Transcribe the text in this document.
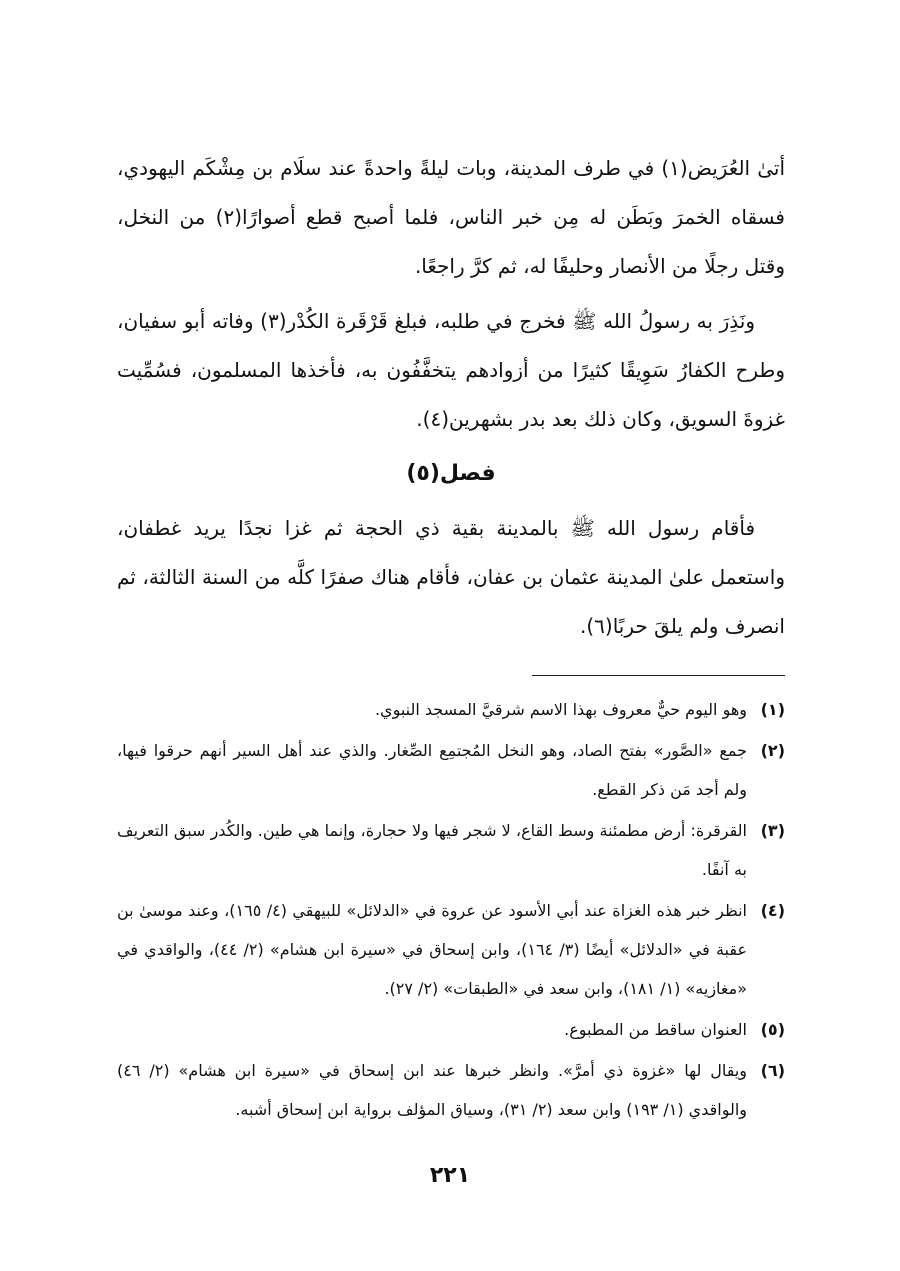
أتىٰ العُرَيض(١) في طرف المدينة، وبات ليلةً واحدةً عند سلَام بن مِشْكَم اليهودي، فسقاه الخمرَ وبَطَن له مِن خبر الناس، فلما أصبح قطع أصوارًا(٢) من النخل، وقتل رجلًا من الأنصار وحليفًا له، ثم كرَّ راجعًا.

ونَذِرَ به رسولُ الله ﷺ فخرج في طلبه، فبلغ قَرْقَرة الكُدْر(٣) وفاته أبو سفيان، وطرح الكفارُ سَوِيقًا كثيرًا من أزوادهم يتخفَّفُون به، فأخذها المسلمون، فسُمِّيت غزوةَ السويق، وكان ذلك بعد بدر بشهرين(٤).

فصل(٥)

فأقام رسول الله ﷺ بالمدينة بقية ذي الحجة ثم غزا نجدًا يريد غطفان، واستعمل علىٰ المدينة عثمان بن عفان، فأقام هناك صفرًا كلَّه من السنة الثالثة، ثم انصرف ولم يلقَ حربًا(٦).

(١)
وهو اليوم حيٌّ معروف بهذا الاسم شرقيَّ المسجد النبوي.
(٢)
جمع «الصَّور» بفتح الصاد، وهو النخل المُجتمِع الصِّغار. والذي عند أهل السير أنهم حرقوا فيها، ولم أجد مَن ذكر القطع.
(٣)
القرقرة: أرض مطمئنة وسط القاع، لا شجر فيها ولا حجارة، وإنما هي طين. والكُدر سبق التعريف به آنفًا.
(٤)
انظر خبر هذه الغزاة عند أبي الأسود عن عروة في «الدلائل» للبيهقي (٤/ ١٦٥)، وعند موسىٰ بن عقبة في «الدلائل» أيضًا (٣/ ١٦٤)، وابن إسحاق في «سيرة ابن هشام» (٢/ ٤٤)، والواقدي في «مغازيه» (١/ ١٨١)، وابن سعد في «الطبقات» (٢/ ٢٧).
(٥)
العنوان ساقط من المطبوع.
(٦)
ويقال لها «غزوة ذي أمرَّ». وانظر خبرها عند ابن إسحاق في «سيرة ابن هشام» (٢/ ٤٦) والواقدي (١/ ١٩٣) وابن سعد (٢/ ٣١)، وسياق المؤلف برواية ابن إسحاق أشبه.
٢٢١
